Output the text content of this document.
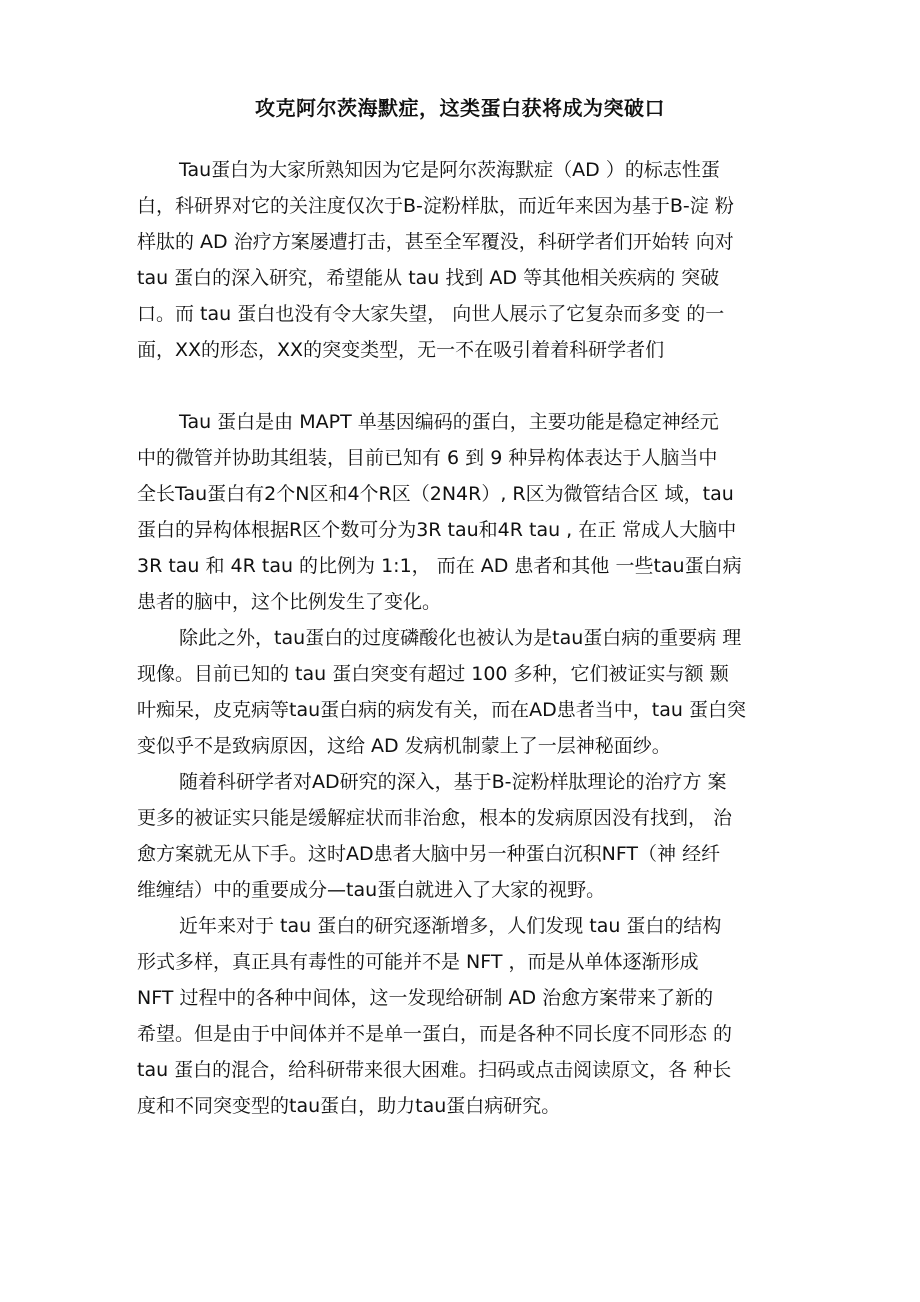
攻克阿尔茨海默症，这类蛋白获将成为突破口

Tau蛋白为大家所熟知因为它是阿尔茨海默症（AD ）的标志性蛋
白，科研界对它的关注度仅次于B-淀粉样肽，而近年来因为基于B-淀 粉
样肽的 AD 治疗方案屡遭打击，甚至全军覆没，科研学者们开始转 向对
tau 蛋白的深入研究，希望能从 tau 找到 AD 等其他相关疾病的 突破
口。而 tau 蛋白也没有令大家失望， 向世人展示了它复杂而多变 的一
面，XX的形态，XX的突变类型，无一不在吸引着着科研学者们

Tau 蛋白是由 MAPT 单基因编码的蛋白，主要功能是稳定神经元
中的微管并协助其组装，目前已知有 6 到 9 种异构体表达于人脑当中
全长Tau蛋白有2个N区和4个R区（2N4R）, R区为微管结合区 域，tau
蛋白的异构体根据R区个数可分为3R tau和4R tau , 在正 常成人大脑中
3R tau 和 4R tau 的比例为 1:1， 而在 AD 患者和其他 一些tau蛋白病
患者的脑中，这个比例发生了变化。

除此之外，tau蛋白的过度磷酸化也被认为是tau蛋白病的重要病 理
现像。目前已知的 tau 蛋白突变有超过 100 多种，它们被证实与额 颞
叶痴呆，皮克病等tau蛋白病的病发有关，而在AD患者当中，tau 蛋白突
变似乎不是致病原因，这给 AD 发病机制蒙上了一层神秘面纱。

随着科研学者对AD研究的深入，基于B-淀粉样肽理论的治疗方 案
更多的被证实只能是缓解症状而非治愈，根本的发病原因没有找到， 治
愈方案就无从下手。这时AD患者大脑中另一种蛋白沉积NFT（神 经纤
维缠结）中的重要成分—tau蛋白就进入了大家的视野。

近年来对于 tau 蛋白的研究逐渐增多，人们发现 tau 蛋白的结构
形式多样，真正具有毒性的可能并不是 NFT ，而是从单体逐渐形成
NFT 过程中的各种中间体，这一发现给研制 AD 治愈方案带来了新的
希望。但是由于中间体并不是单一蛋白，而是各种不同长度不同形态 的
tau 蛋白的混合，给科研带来很大困难。扫码或点击阅读原文，各 种长
度和不同突变型的tau蛋白，助力tau蛋白病研究。
